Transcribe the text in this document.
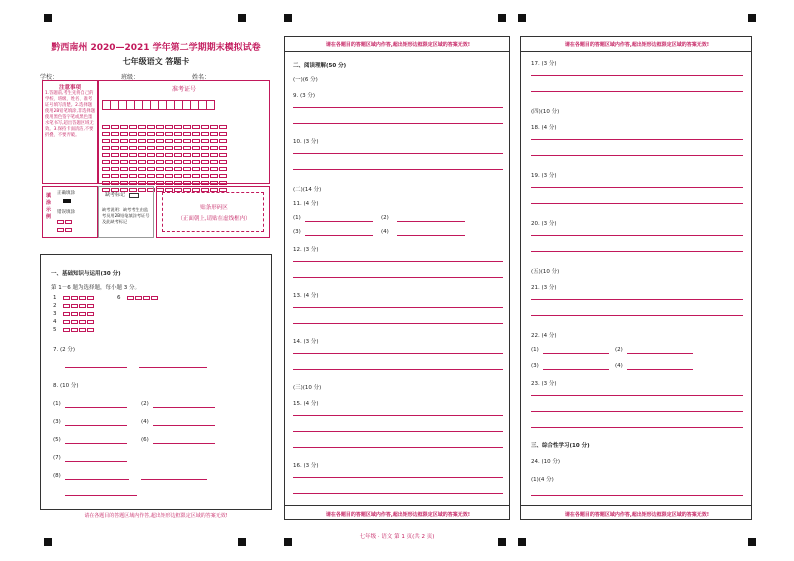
黔西南州 2020—2021 学年第二学期期末模拟试卷
七年级语文 答题卡
学校：	班级：	姓名：
注意事项
1.答题前,考生先将自己的学校、班级、姓名、准考证号填写清楚。2.选择题使用2B铅笔填涂,非选择题使用黑色签字笔或黑色墨水笔书写,超出答题区域无效。3.保持卡面清洁,不要折叠、不要弄破。
准考证号
填涂示例
正确填涂
错误填涂
缺考标记
缺考说明：缺考考生由监考员用2B铅笔填涂考证号及此缺考标记
贴条形码区
（正面朝上,请贴在虚线框内）
一、基础知识与运用(30 分)
第 1－6 题为选择题，每小题 3 分。
1	6
2
3
4
5
7. (2 分)
8. (10 分)
(1)	(2)
(3)	(4)
(5)	(6)
(7)
(8)
请在各题目的答题区域内作答,超出矩形边框限定区域的答案无效!
请在各题目的答题区域内作答,超出矩形边框限定区域的答案无效!
二、阅读理解(50 分)
(一)(6 分)
9. (3 分)
10. (3 分)
(二)(14 分)
11. (4 分)
(1)	(2)
(3)	(4)
12. (3 分)
13. (4 分)
14. (3 分)
(三)(10 分)
15. (4 分)
16. (3 分)
请在各题目的答题区域内作答,超出矩形边框限定区域的答案无效!
七年级 · 语文 第 1 页(共 2 页)
请在各题目的答题区域内作答,超出矩形边框限定区域的答案无效!
17. (3 分)
(四)(10 分)
18. (4 分)
19. (3 分)
20. (3 分)
(五)(10 分)
21. (3 分)
22. (4 分)
(1)	(2)
(3)	(4)
23. (3 分)
三、综合性学习(10 分)
24. (10 分)
(1)(4 分)
请在各题目的答题区域内作答,超出矩形边框限定区域的答案无效!
